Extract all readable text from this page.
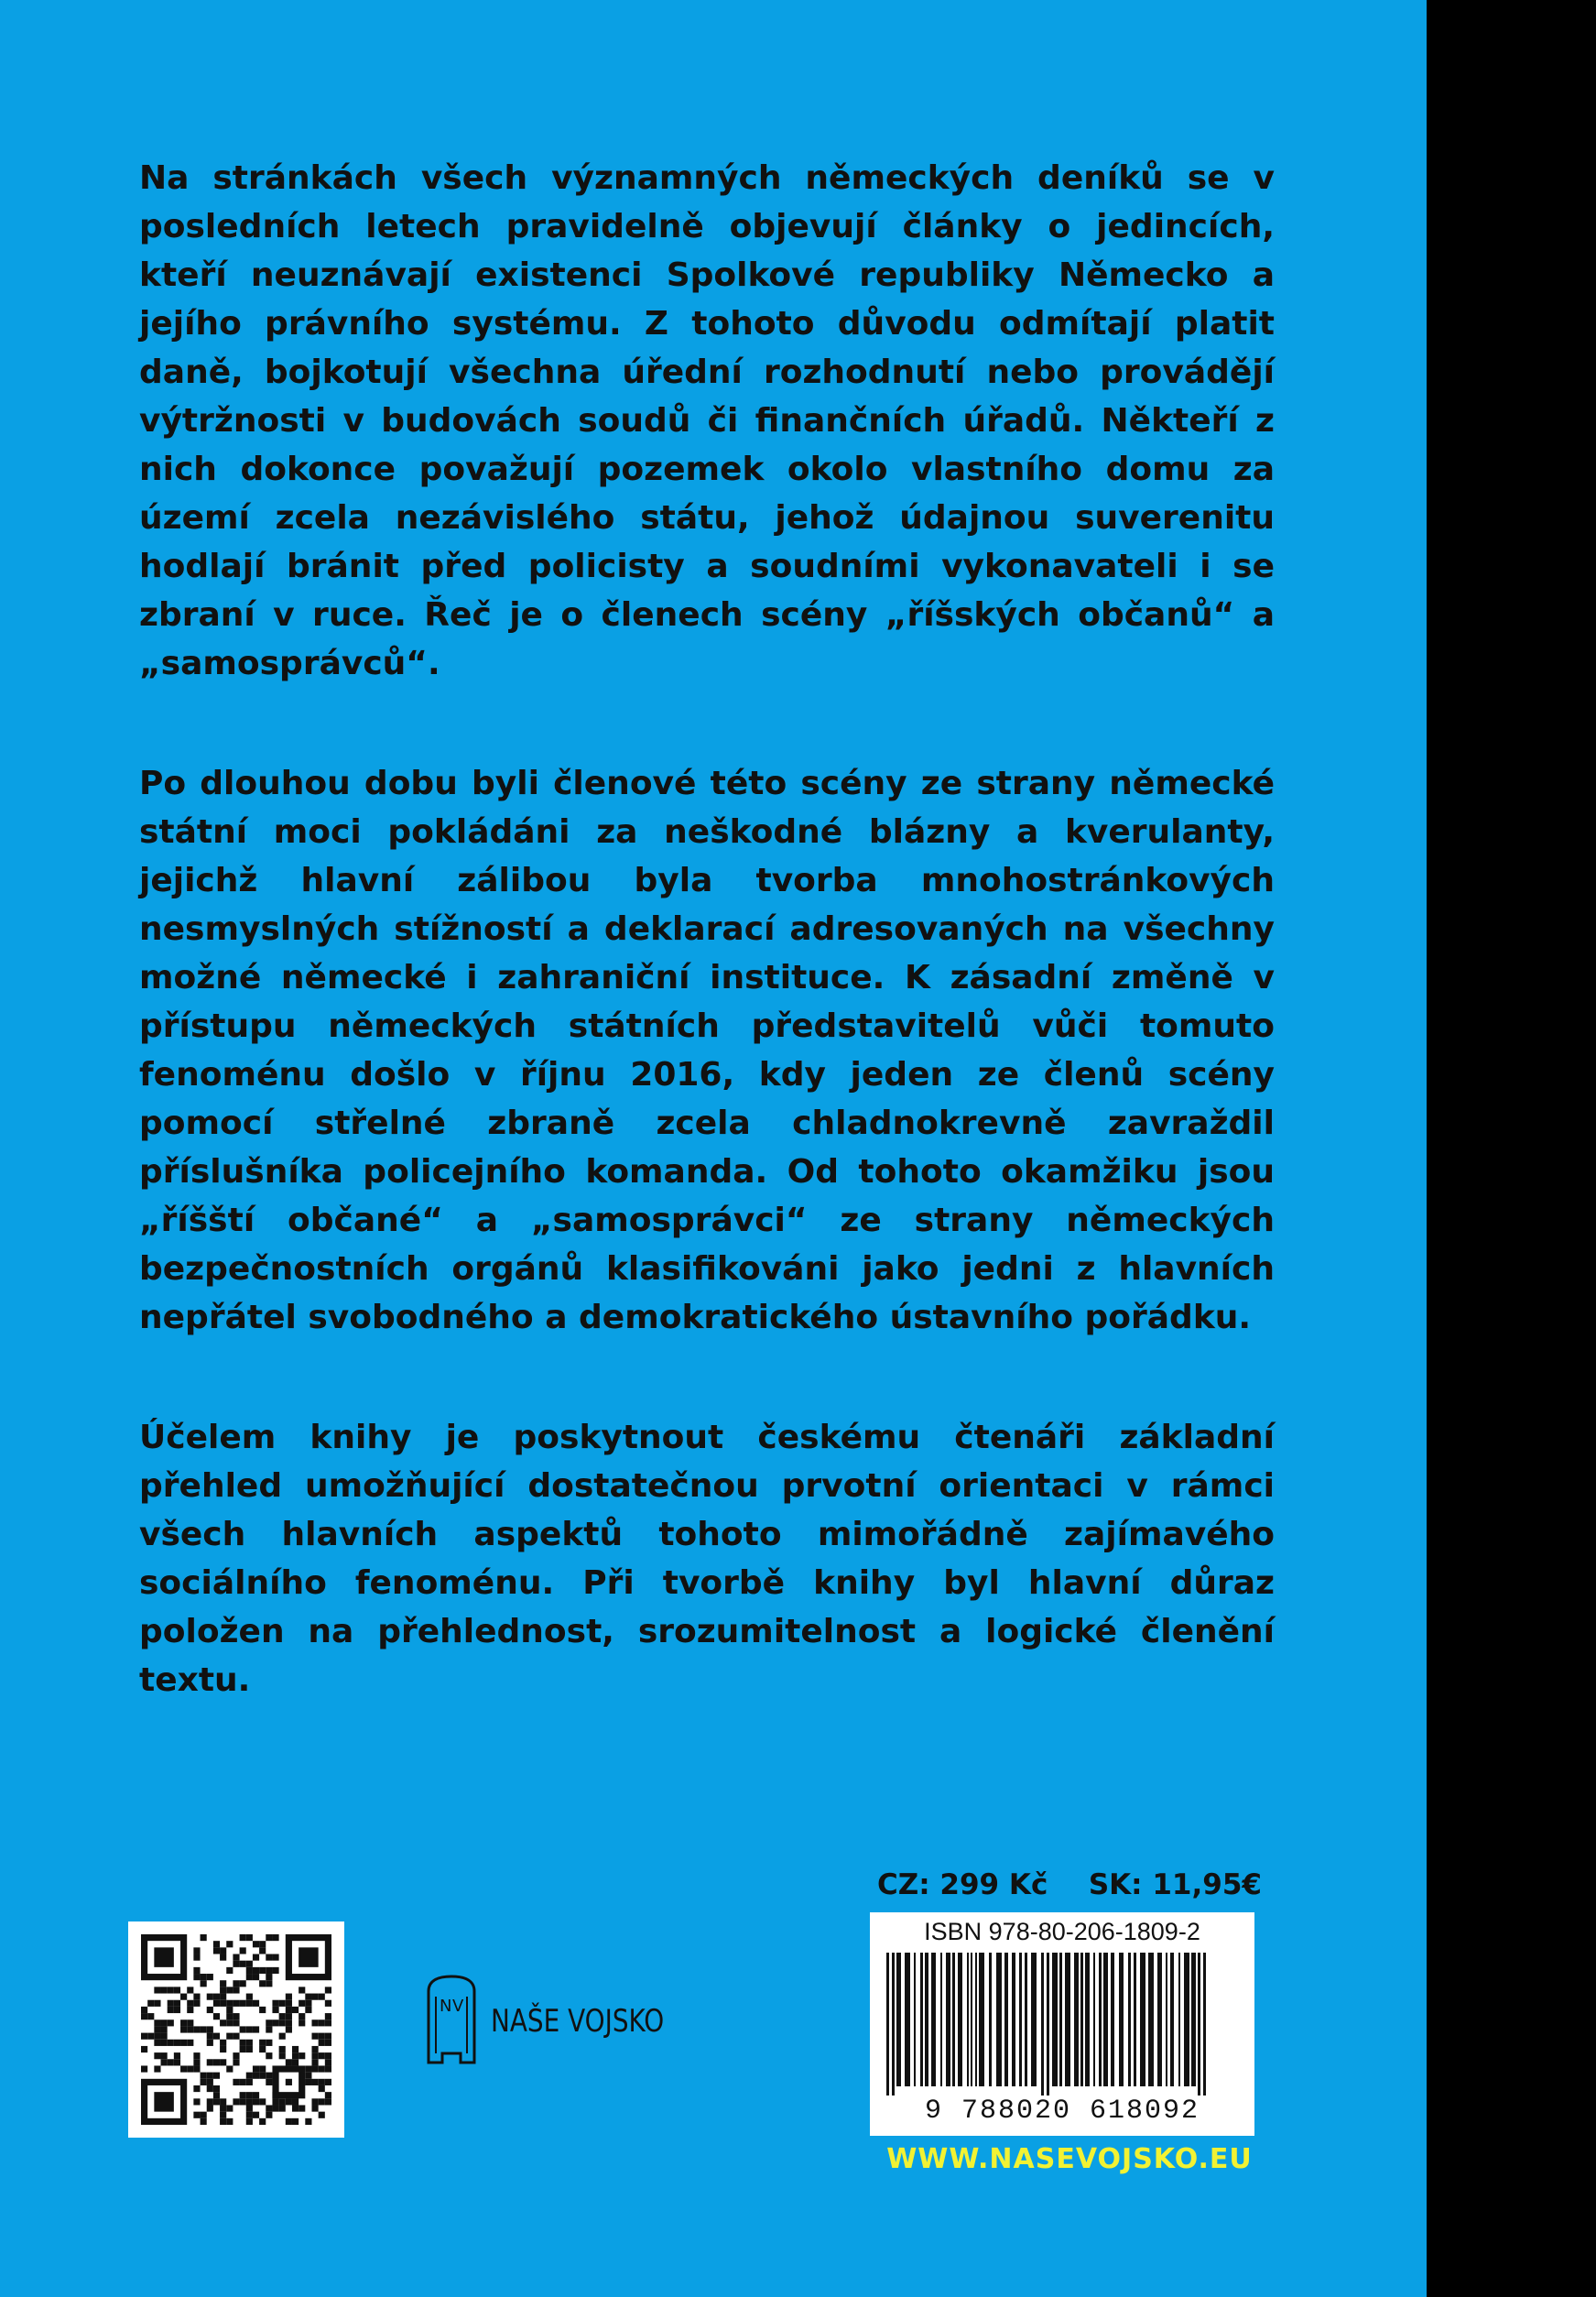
Na stránkách všech významných německých deníků se v posledních letech pravidelně objevují články o jedincích, kteří neuznávají existenci Spolkové republiky Německo a jejího právního systému. Z tohoto důvodu odmítají platit daně, bojkotují všechna úřední rozhodnutí nebo provádějí výtržnosti v budovách soudů či finančních úřadů. Někteří z nich dokonce považují pozemek okolo vlastního domu za území zcela nezávislého státu, jehož údajnou suverenitu hodlají bránit před policisty a soudními vykonavateli i se zbraní v ruce. Řeč je o členech scény „říšských občanů“ a „samosprávců“.

Po dlouhou dobu byli členové této scény ze strany německé státní moci pokládáni za neškodné blázny a kverulanty, jejichž hlavní zálibou byla tvorba mnohostránkových nesmyslných stížností a deklarací adresovaných na všechny možné německé i zahraniční instituce. K zásadní změně v přístupu německých státních představitelů vůči tomuto fenoménu došlo v říjnu 2016, kdy jeden ze členů scény pomocí střelné zbraně zcela chladnokrevně zavraždil příslušníka policejního komanda. Od tohoto okamžiku jsou „říšští občané“ a „samosprávci“ ze strany německých bezpečnostních orgánů klasifikováni jako jedni z hlavních nepřátel svobodného a demokratického ústavního pořádku.

Účelem knihy je poskytnout českému čtenáři základní přehled umožňující dostatečnou prvotní orientaci v rámci všech hlavních aspektů tohoto mimořádně zajímavého sociálního fenoménu. Při tvorbě knihy byl hlavní důraz položen na přehlednost, srozumitelnost a logické členění textu.

N V NAŠE VOJSKO
CZ: 299 Kč SK: 11,95€
ISBN 978-80-206-1809-2
9 788020 618092
WWW.NASEVOJSKO.EU
